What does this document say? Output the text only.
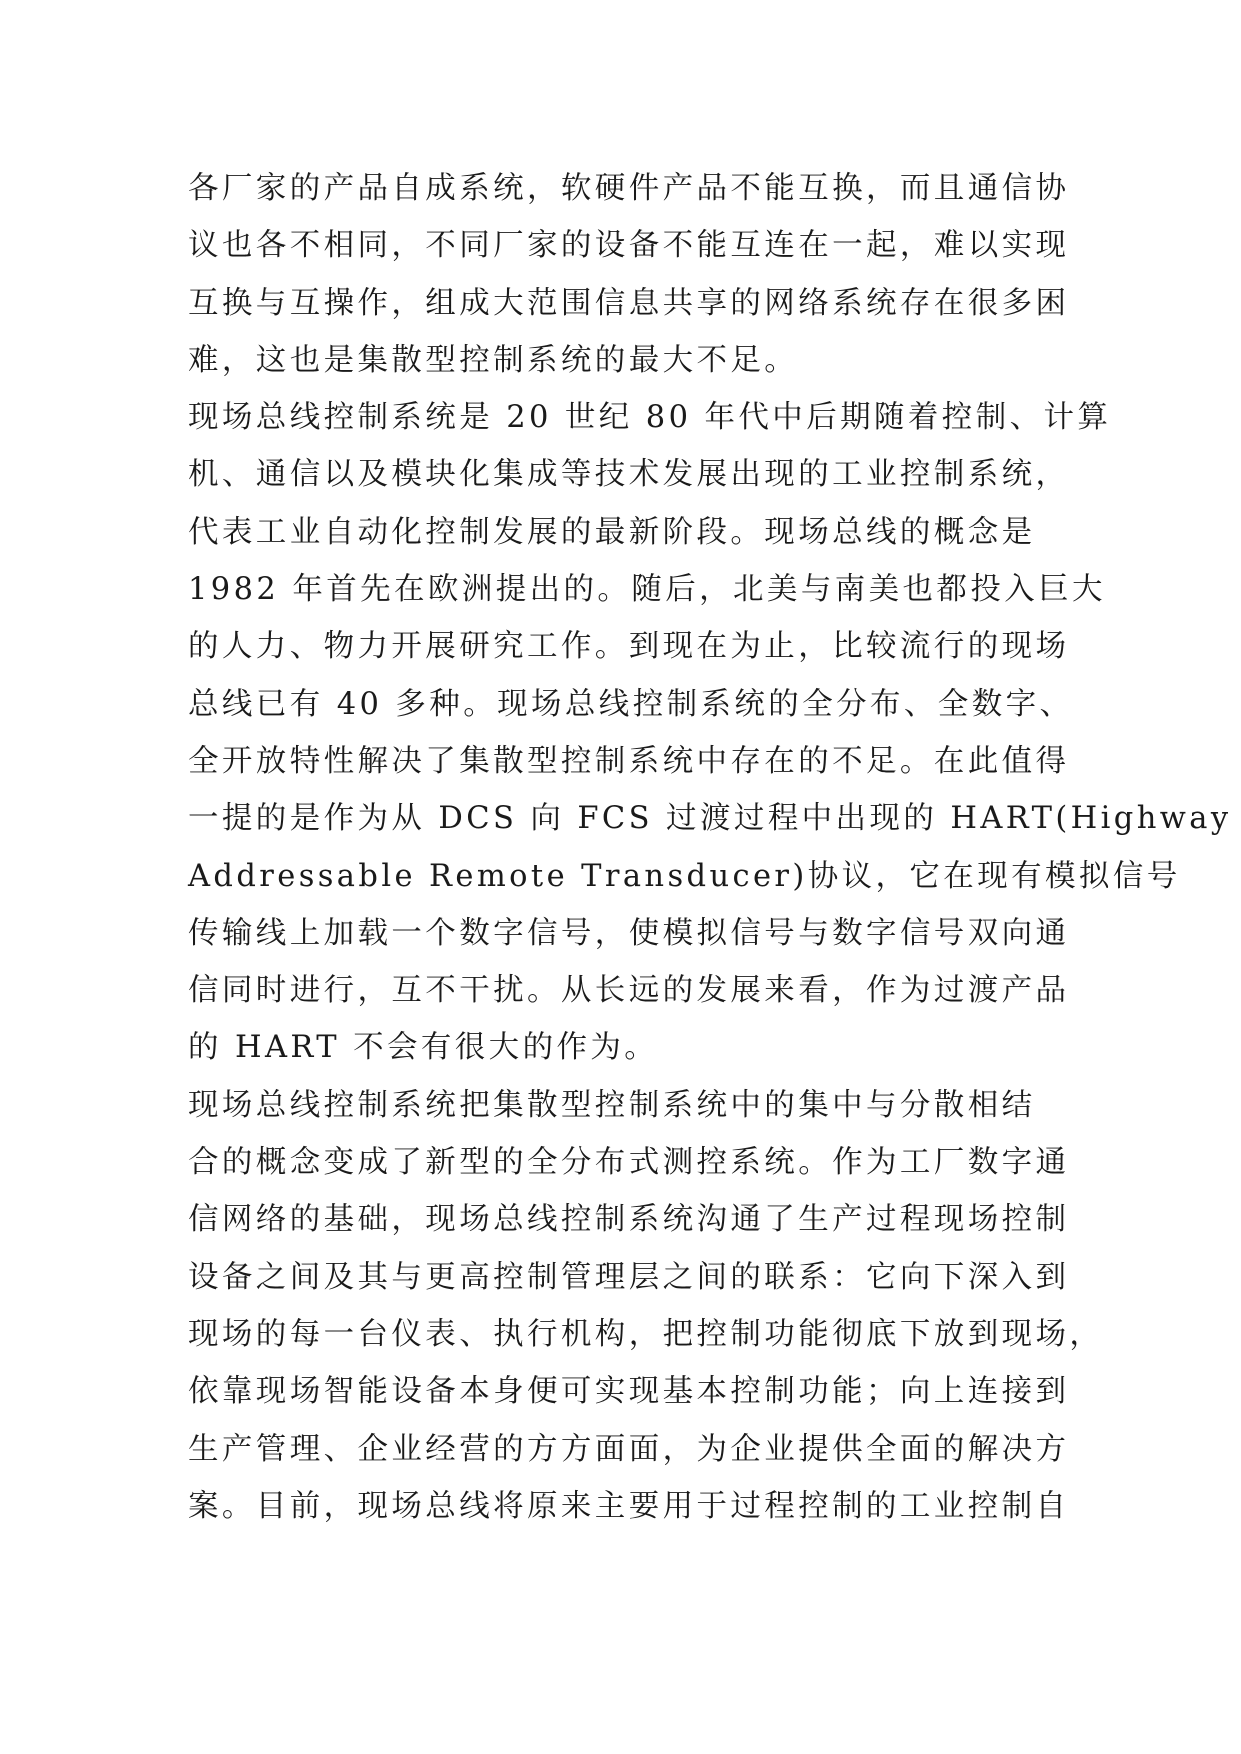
各厂家的产品自成系统，软硬件产品不能互换，而且通信协
议也各不相同，不同厂家的设备不能互连在一起，难以实现
互换与互操作，组成大范围信息共享的网络系统存在很多困
难，这也是集散型控制系统的最大不足。
现场总线控制系统是 20 世纪 80 年代中后期随着控制、计算
机、通信以及模块化集成等技术发展出现的工业控制系统，
代表工业自动化控制发展的最新阶段。现场总线的概念是
1982 年首先在欧洲提出的。随后，北美与南美也都投入巨大
的人力、物力开展研究工作。到现在为止，比较流行的现场
总线已有 40 多种。现场总线控制系统的全分布、全数字、
全开放特性解决了集散型控制系统中存在的不足。在此值得
一提的是作为从 DCS 向 FCS 过渡过程中出现的 HART(Highway
Addressable Remote Transducer)协议，它在现有模拟信号
传输线上加载一个数字信号，使模拟信号与数字信号双向通
信同时进行，互不干扰。从长远的发展来看，作为过渡产品
的 HART 不会有很大的作为。
现场总线控制系统把集散型控制系统中的集中与分散相结
合的概念变成了新型的全分布式测控系统。作为工厂数字通
信网络的基础，现场总线控制系统沟通了生产过程现场控制
设备之间及其与更高控制管理层之间的联系：它向下深入到
现场的每一台仪表、执行机构，把控制功能彻底下放到现场，
依靠现场智能设备本身便可实现基本控制功能；向上连接到
生产管理、企业经营的方方面面，为企业提供全面的解决方
案。目前，现场总线将原来主要用于过程控制的工业控制自
